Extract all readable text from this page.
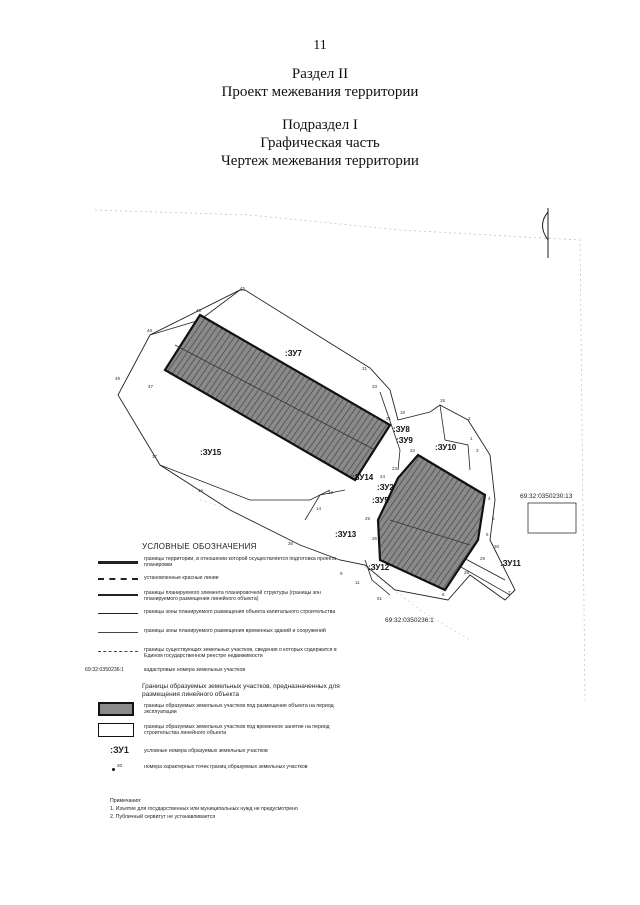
11
Раздел II
Проект межевания территории
Подраздел I
Графическая часть
Чертеж межевания территории
:ЗУ7
:ЗУ15
:ЗУ8
:ЗУ10
:ЗУ14
:ЗУ2
:ЗУ5
:ЗУ9
:ЗУ13
:ЗУ12	:ЗУ11
69:32:0350230:13
69:32:0350236:1
45
46
48
49
31
33
15
47
17
16
36
81
1
2
3
4
5
6
7
8
9
11
12
14
18
21
22
23
24
25
26
28
29
30
УСЛОВНЫЕ ОБОЗНАЧЕНИЯ
границы территории, в отношении которой осуществляется подготовка проекта планировки
установленные красные линии
границы планируемого элемента планировочной структуры (границы зон планируемого размещения линейного объекта)
границы зоны планируемого размещения объекта капитального строительства
границы зоны планируемого размещения временных зданий и сооружений
границы существующих земельных участков, сведения о которых содержатся в Едином государственном реестре недвижимости
69:32:0350236:1	кадастровые номера земельных участков
Границы образуемых земельных участков, предназначенных для размещения линейного объекта
границы образуемых земельных участков под размещение объекта на период эксплуатации
границы образуемых земельных участков под временное занятие на период строительства линейного объекта
:ЗУ1	условные номера образуемых земельных участков
20	номера характерных точек границ образуемых земельных участков
Примечания:
1. Изъятие для государственных или муниципальных нужд не предусмотрено
2. Публичный сервитут не устанавливается
